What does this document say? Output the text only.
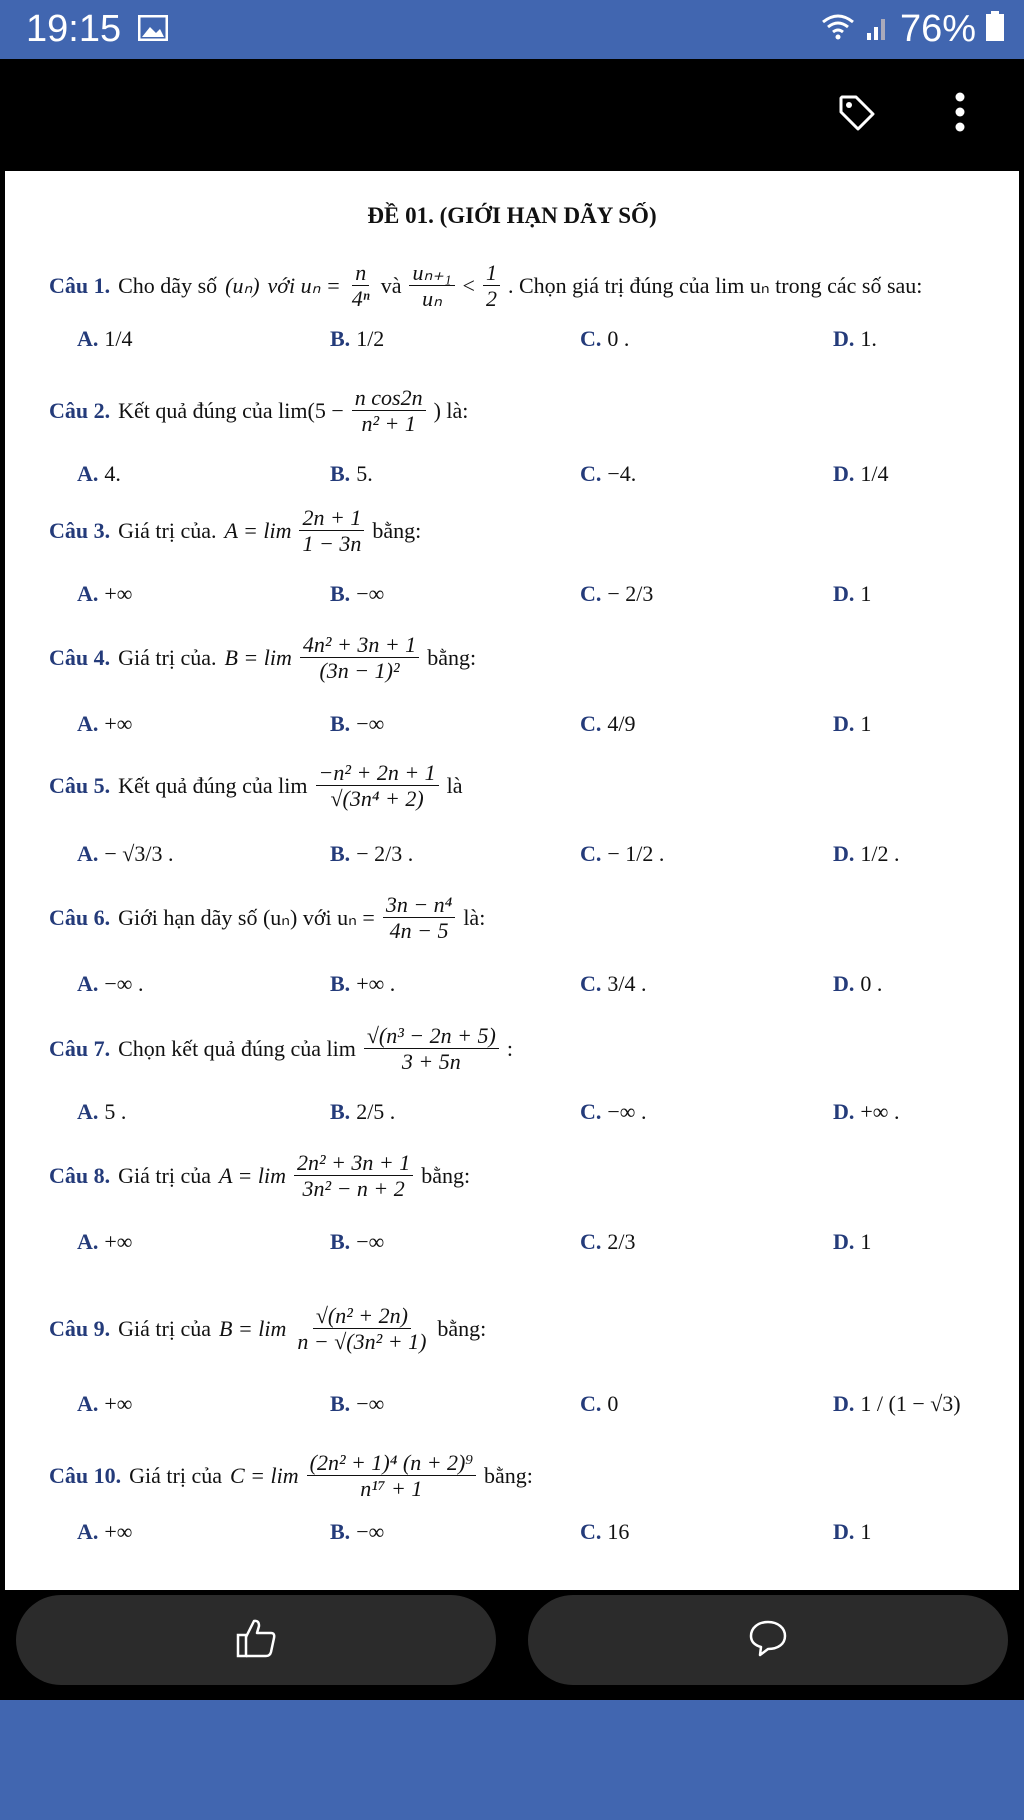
19:15	76%
ĐỀ 01. (GIỚI HẠN DÃY SỐ)
Câu 1. Cho dãy số (uₙ) với $u_n = \frac{n}{\text{4ⁿ}}$ và $\frac{\text{uₙ₊₁}}{\text{uₙ}} < \frac{1}{2}$ . Chọn giá trị đúng của lim uₙ trong các số sau:
A. 1/4	B. 1/2	C. 0 .	D. 1.
Câu 2. Kết quả đúng của $\lim(5 - \frac{\text{n cos2n}}{\text{n² + 1}}$ ) là:
A. 4.	B. 5.	C. −4.	D. 1/4
Câu 3. Giá trị của. $A = \lim \frac{2n + 1}{1 - 3n}$ bằng:
A. +∞	B. −∞	C. − 2/3	D. 1
Câu 4. Giá trị của. $B = \lim \frac{\text{4n² + 3n + 1}}{\text{(3n − 1)²}}$ bằng:
A. +∞	B. −∞	C. 4/9	D. 1
Câu 5. Kết quả đúng của $\lim \frac{\text{−n² + 2n + 1}}{\text{√(3n⁴ + 2)}}$ là
A. − √3/3 .	B. − 2/3 .	C. − 1/2 .	D. 1/2 .
Câu 6. Giới hạn dãy số (uₙ) với $u_n = \frac{\text{3n − n⁴}}{4n - 5}$ là:
A. −∞ .	B. +∞ .	C. 3/4 .	D. 0 .
Câu 7. Chọn kết quả đúng của $\lim \frac{\text{√(n³ − 2n + 5)}}{3 + 5n}$ :
A. 5 .	B. 2/5 .	C. −∞ .	D. +∞ .
Câu 8. Giá trị của $A = \lim \frac{\text{2n² + 3n + 1}}{\text{3n² − n + 2}}$ bằng:
A. +∞	B. −∞	C. 2/3	D. 1
Câu 9. Giá trị của $B = \lim \frac{\text{√(n² + 2n)}}{\text{n − √(3n² + 1)}}$ bằng:
A. +∞	B. −∞	C. 0	D. 1 / (1 − √3)
Câu 10. Giá trị của $C = \lim \frac{\text{(2n² + 1)⁴ (n + 2)⁹}}{\text{n¹⁷ + 1}}$ bằng:
A. +∞	B. −∞	C. 16	D. 1
